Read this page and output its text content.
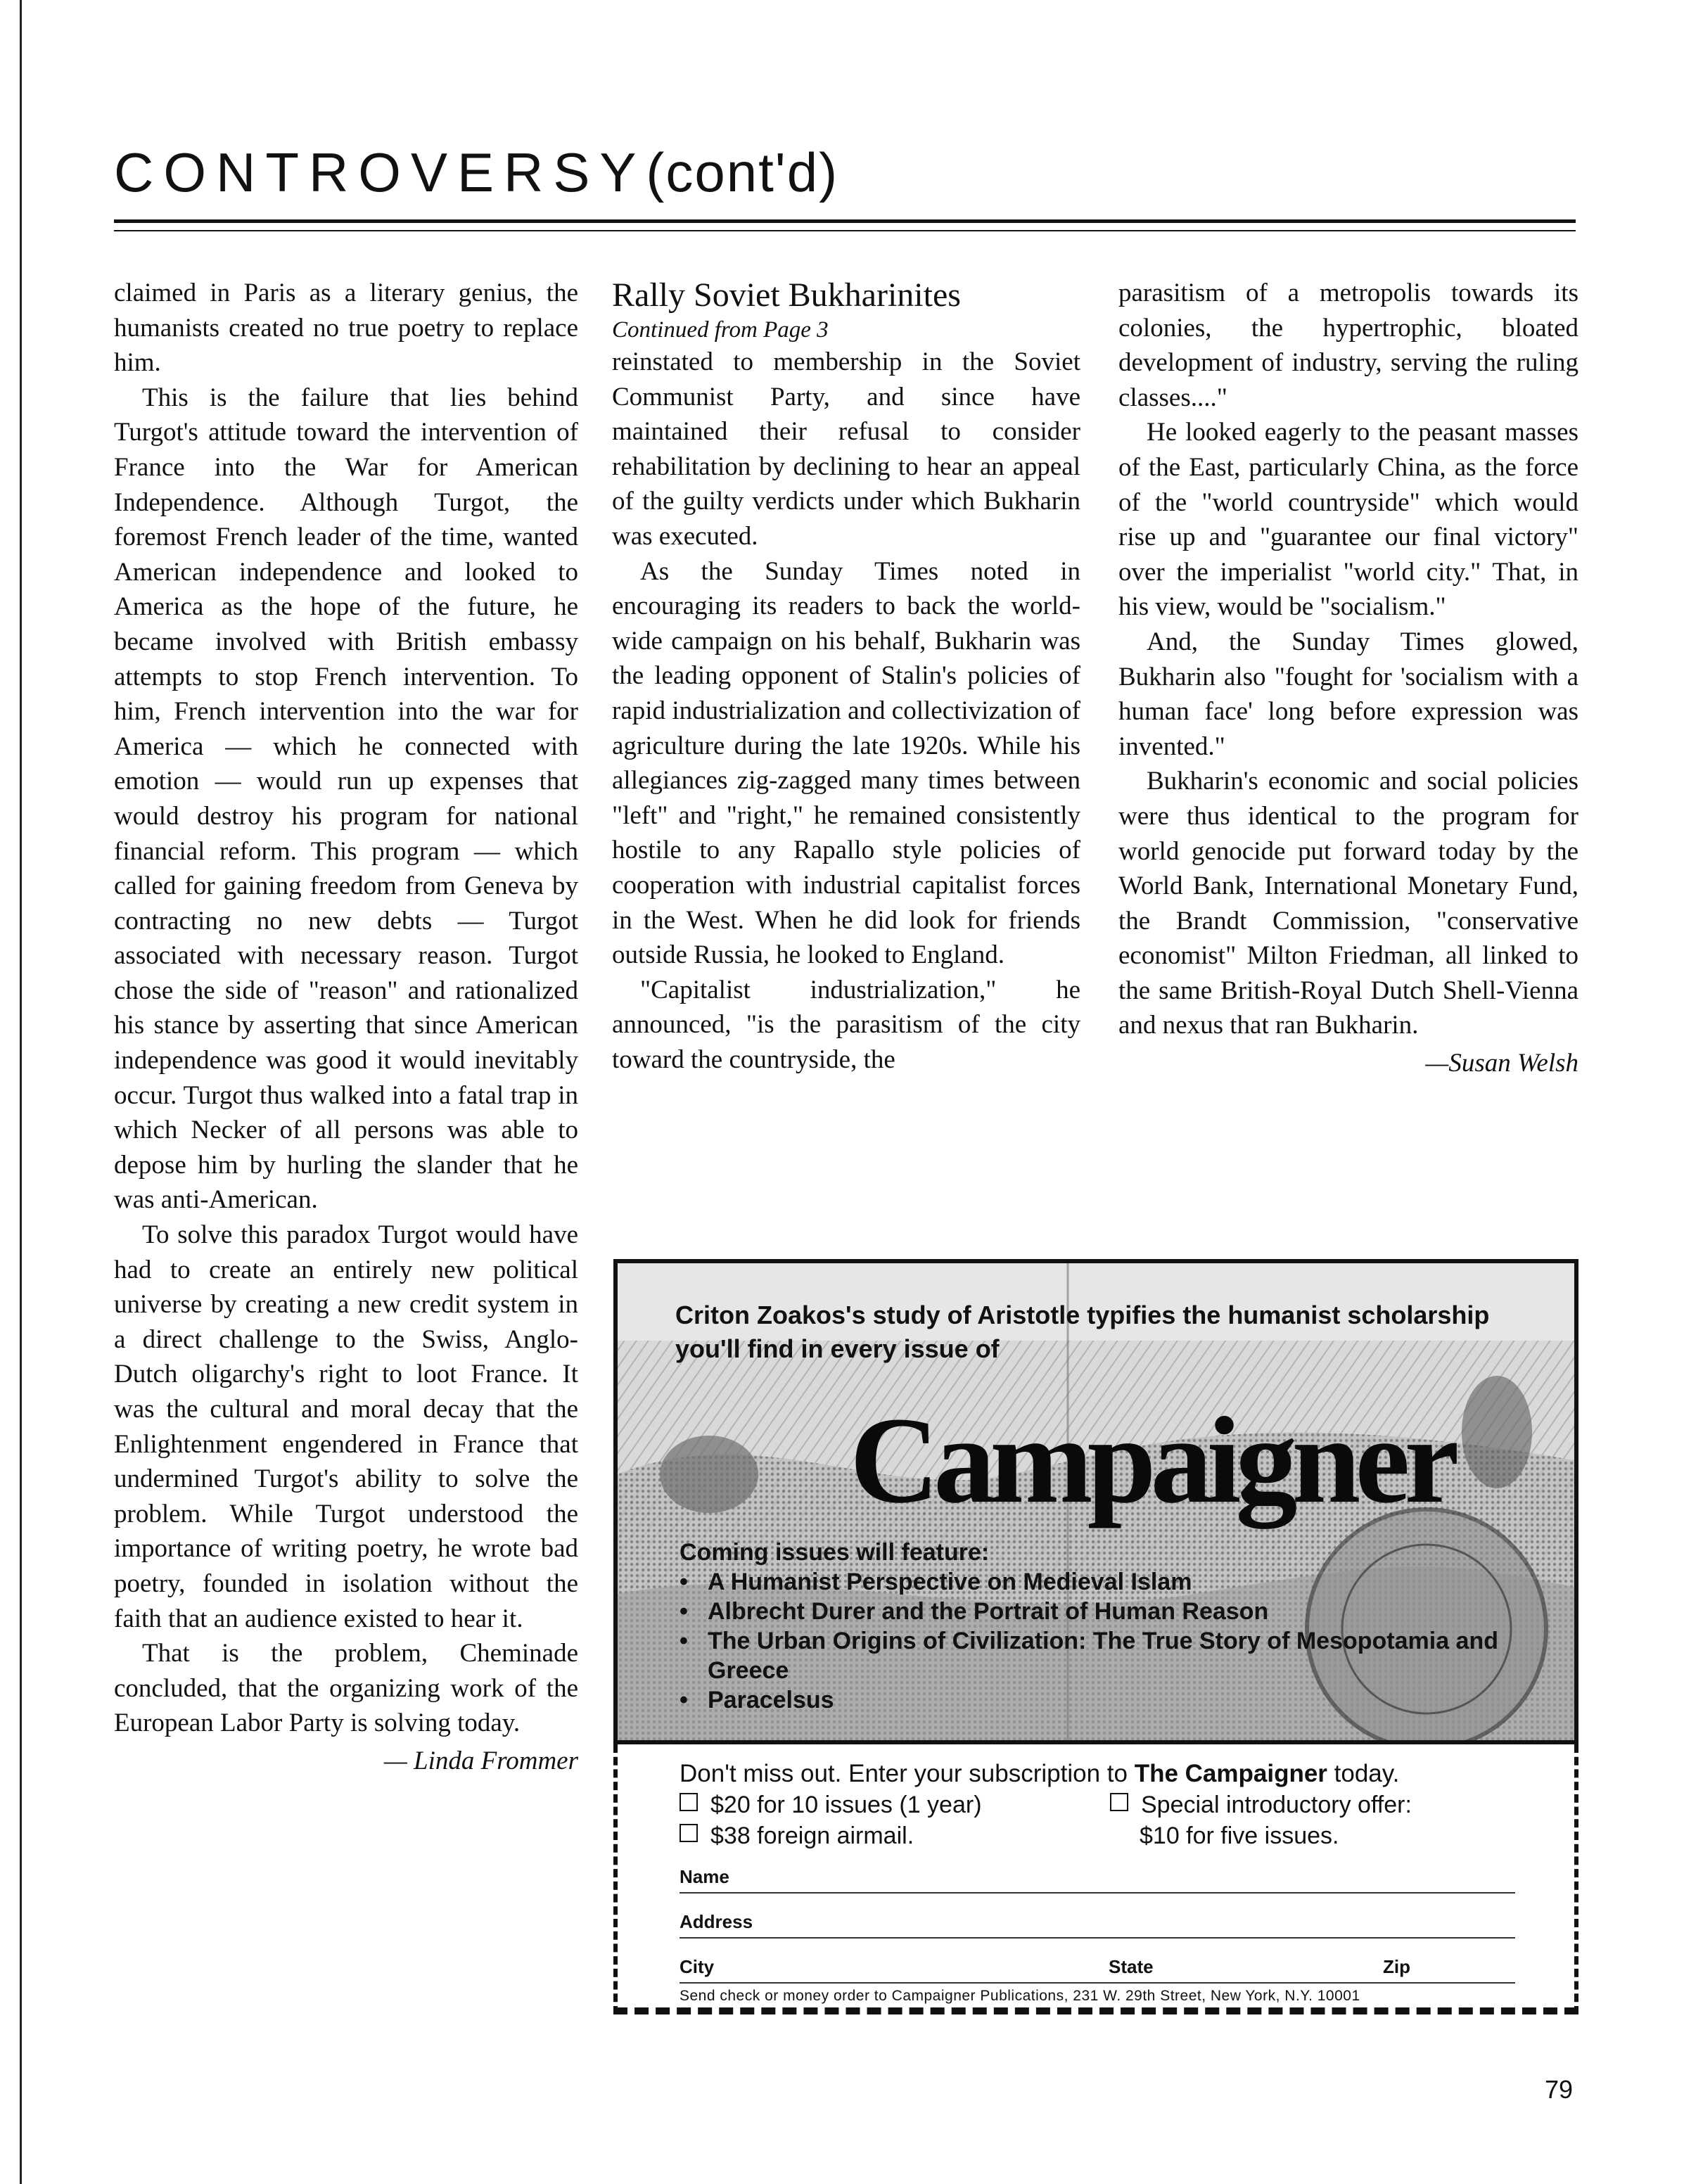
CONTROVERSY(cont'd)

claimed in Paris as a literary genius, the humanists created no true poetry to replace him.

This is the failure that lies behind Turgot's attitude toward the intervention of France into the War for American Independence. Although Turgot, the foremost French leader of the time, wanted American independence and looked to America as the hope of the future, he became involved with British embassy attempts to stop French intervention. To him, French intervention into the war for America — which he connected with emotion — would run up expenses that would destroy his program for national financial reform. This program — which called for gaining freedom from Geneva by contracting no new debts — Turgot associated with necessary reason. Turgot chose the side of "reason" and rationalized his stance by asserting that since American independence was good it would inevitably occur. Turgot thus walked into a fatal trap in which Necker of all persons was able to depose him by hurling the slander that he was anti-American.

To solve this paradox Turgot would have had to create an entirely new political universe by creating a new credit system in a direct challenge to the Swiss, Anglo-Dutch oligarchy's right to loot France. It was the cultural and moral decay that the Enlightenment engendered in France that undermined Turgot's ability to solve the problem. While Turgot understood the importance of writing poetry, he wrote bad poetry, founded in isolation without the faith that an audience existed to hear it.

That is the problem, Cheminade concluded, that the organizing work of the European Labor Party is solving today.

— Linda Frommer

Rally Soviet Bukharinites

Continued from Page 3

reinstated to membership in the Soviet Communist Party, and since have maintained their refusal to consider rehabilitation by declining to hear an appeal of the guilty verdicts under which Bukharin was executed.

As the Sunday Times noted in encouraging its readers to back the world-wide campaign on his behalf, Bukharin was the leading opponent of Stalin's policies of rapid industrialization and collectivization of agriculture during the late 1920s. While his allegiances zig-zagged many times between "left" and "right," he remained consistently hostile to any Rapallo style policies of cooperation with industrial capitalist forces in the West. When he did look for friends outside Russia, he looked to England.

"Capitalist industrialization," he announced, "is the parasitism of the city toward the countryside, the

parasitism of a metropolis towards its colonies, the hypertrophic, bloated development of industry, serving the ruling classes...."

He looked eagerly to the peasant masses of the East, particularly China, as the force of the "world countryside" which would rise up and "guarantee our final victory" over the imperialist "world city." That, in his view, would be "socialism."

And, the Sunday Times glowed, Bukharin also "fought for 'socialism with a human face' long before expression was invented."

Bukharin's economic and social policies were thus identical to the program for world genocide put forward today by the World Bank, International Monetary Fund, the Brandt Commission, "conservative economist" Milton Friedman, all linked to the same British-Royal Dutch Shell-Vienna and nexus that ran Bukharin.

—Susan Welsh

Criton Zoakos's study of Aristotle typifies the humanist scholarship you'll find in every issue of
Campaigner
Coming issues will feature:
• A Humanist Perspective on Medieval Islam
• Albrecht Durer and the Portrait of Human Reason
• The Urban Origins of Civilization: The True Story of Mesopotamia and Greece
• Paracelsus
Don't miss out. Enter your subscription to The Campaigner today.
$20 for 10 issues (1 year)
$38 foreign airmail.
Special introductory offer:
$10 for five issues.
Name
Address
City	State	Zip
Send check or money order to Campaigner Publications, 231 W. 29th Street, New York, N.Y. 10001
79
